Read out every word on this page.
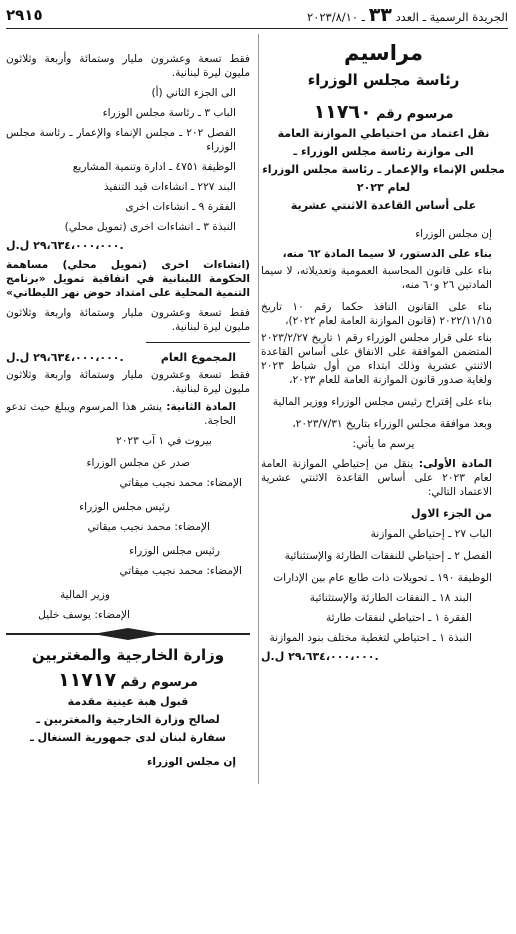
الجريدة الرسمية ـ العدد ٣٣ ـ ٢٠٢٣/٨/١٠
٢٩١٥
مراسيم
رئاسة مجلس الوزراء
مرسوم رقم ١١٧٦٠
نقل اعتماد من احتياطي الموازنة العامة
الى موازنة رئاسة مجلس الوزراء ـ
مجلس الإنماء والإعمار ـ رئاسة مجلس الوزراء
لعام ٢٠٢٣
على أساس القاعدة الاثنتي عشرية

إن مجلس الوزراء

بناء على الدستور، لا سيما المادة ٦٢ منه،

بناء على قانون المحاسبة العمومية وتعديلاته، لا سيما المادتين ٢٦ و٦٠ منه،

بناء على القانون النافذ حكما رقم ١٠ تاريخ ٢٠٢٢/١١/١٥ (قانون الموازنة العامة لعام ٢٠٢٢)،

بناء على قرار مجلس الوزراء رقم ١ تاريخ ٢٠٢٣/٢/٢٧ المتضمن الموافقة على الانفاق على أساس القاعدة الاثنتي عشرية وذلك ابتداء من أول شباط ٢٠٢٣ ولغاية صدور قانون الموازنة العامة للعام ٢٠٢٣،

بناء على إقتراح رئيس مجلس الوزراء ووزير المالية

وبعد موافقة مجلس الوزراء بتاريخ ٢٠٢٣/٧/٣١،

يرسم ما يأتي:

المادة الأولى: ينقل من إحتياطي الموازنة العامة لعام ٢٠٢٣ على أساس القاعدة الاثنتي عشرية الاعتماد التالي:

من الجزء الاول

الباب ٢٧ ـ إحتياطي الموازنة

الفصل ٢ ـ إحتياطي للنفقات الطارئة والإستثنائية

الوظيفة ١٩٠ ـ تحويلات ذات طابع عام بين الإدارات

البند ١٨ ـ النفقات الطارئة والإستثنائية

الفقرة ١ ـ احتياطي لنفقات طارئة

النبذة ١ ـ احتياطي لتغطية مختلف بنود الموازنة

٢٩،٦٣٤،٠٠٠،٠٠٠ ل.ل.

فقط تسعة وعشرون مليار وستمائة وأربعة وثلاثون مليون ليرة لبنانية.

الى الجزء الثاني (أ)

الباب ٣ ـ رئاسة مجلس الوزراء

الفصل ٢٠٢ ـ مجلس الإنماء والإعمار ـ رئاسة مجلس الوزراء

الوظيفة ٤٧٥١ ـ ادارة وتنمية المشاريع

البند ٢٢٧ ـ انشاءات قيد التنفيذ

الفقرة ٩ ـ انشاءات اخرى

النبذة ٣ ـ انشاءات اخرى (تمويل محلي)

٢٩،٦٣٤،٠٠٠،٠٠٠ ل.ل.

(انشاءات اخرى (تمويل محلي) مساهمة الحكومة اللبنانية في اتفاقية تمويل «برنامج التنمية المحلية على امتداد حوض نهر الليطاني»

فقط تسعة وعشرون مليار وستمائة واربعة وثلاثون مليون ليرة لبنانية.

المجموع العام
٢٩،٦٣٤،٠٠٠،٠٠٠ ل.ل.

فقط تسعة وعشرون مليار وستمائة واربعة وثلاثون مليون ليرة لبنانية.

المادة الثانية: ينشر هذا المرسوم ويبلغ حيث تدعو الحاجة.

بيروت في ١ آب ٢٠٢٣

صدر عن مجلس الوزراء

الإمضاء: محمد نجيب ميقاتي

رئيس مجلس الوزراء

الإمضاء: محمد نجيب ميقاتي

رئيس مجلس الوزراء

الإمضاء: محمد نجيب ميقاتي

وزير المالية

الإمضاء: يوسف خليل

وزارة الخارجية والمغتربين
مرسوم رقم ١١٧١٧
قبول هبة عينية مقدمة
لصالح وزارة الخارجية والمغتربين ـ
سفارة لبنان لدى جمهورية السنغال ـ

إن مجلس الوزراء
